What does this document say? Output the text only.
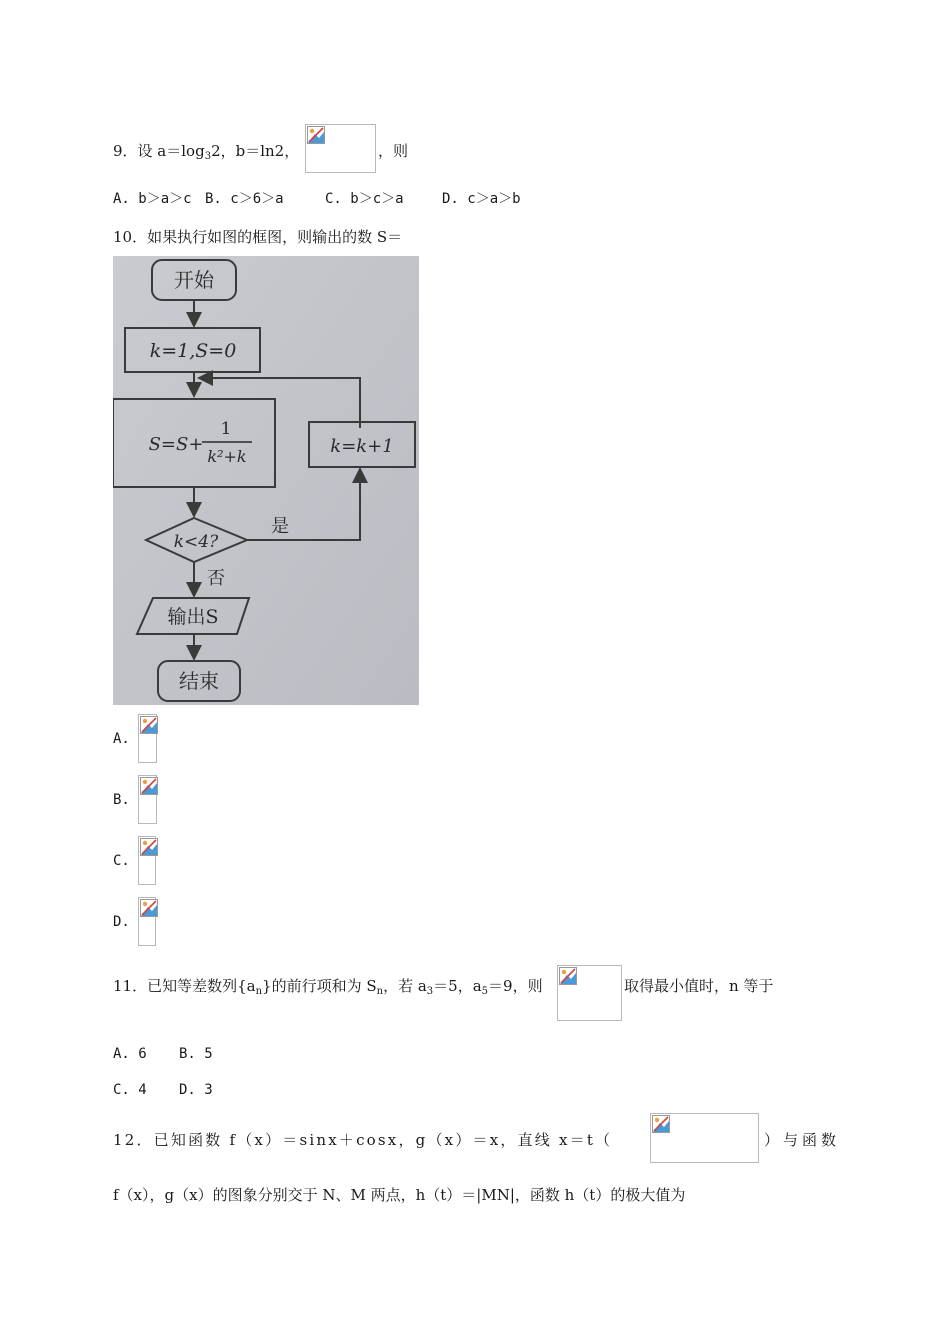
9．设 $a=\log_32$，b＝ln2，	，则
A. b＞a＞c B. c＞6＞a	C. b＞c＞a	D. c＞a＞b
10．如果执行如图的框图，则输出的数 S＝
开始
k=1,S=0
S=S+
1
k²+k	k=k+1
k<4?
是
否
输出S
结束
A.
B.
C.
D.
11．已知等差数列$\{a_n\}$的前行项和为 $S_n$，若 $a_3=5$，$a_5=9$，则	取得最小值时，n 等于
A. 6 B. 5
C. 4 D. 3
12．已知函数 f（x）＝sinx＋cosx，g（x）＝x，直线 x＝t（	）与函数
f（x），g（x）的图象分别交于 N、M 两点，h（t）＝|MN|，函数 h（t）的极大值为
